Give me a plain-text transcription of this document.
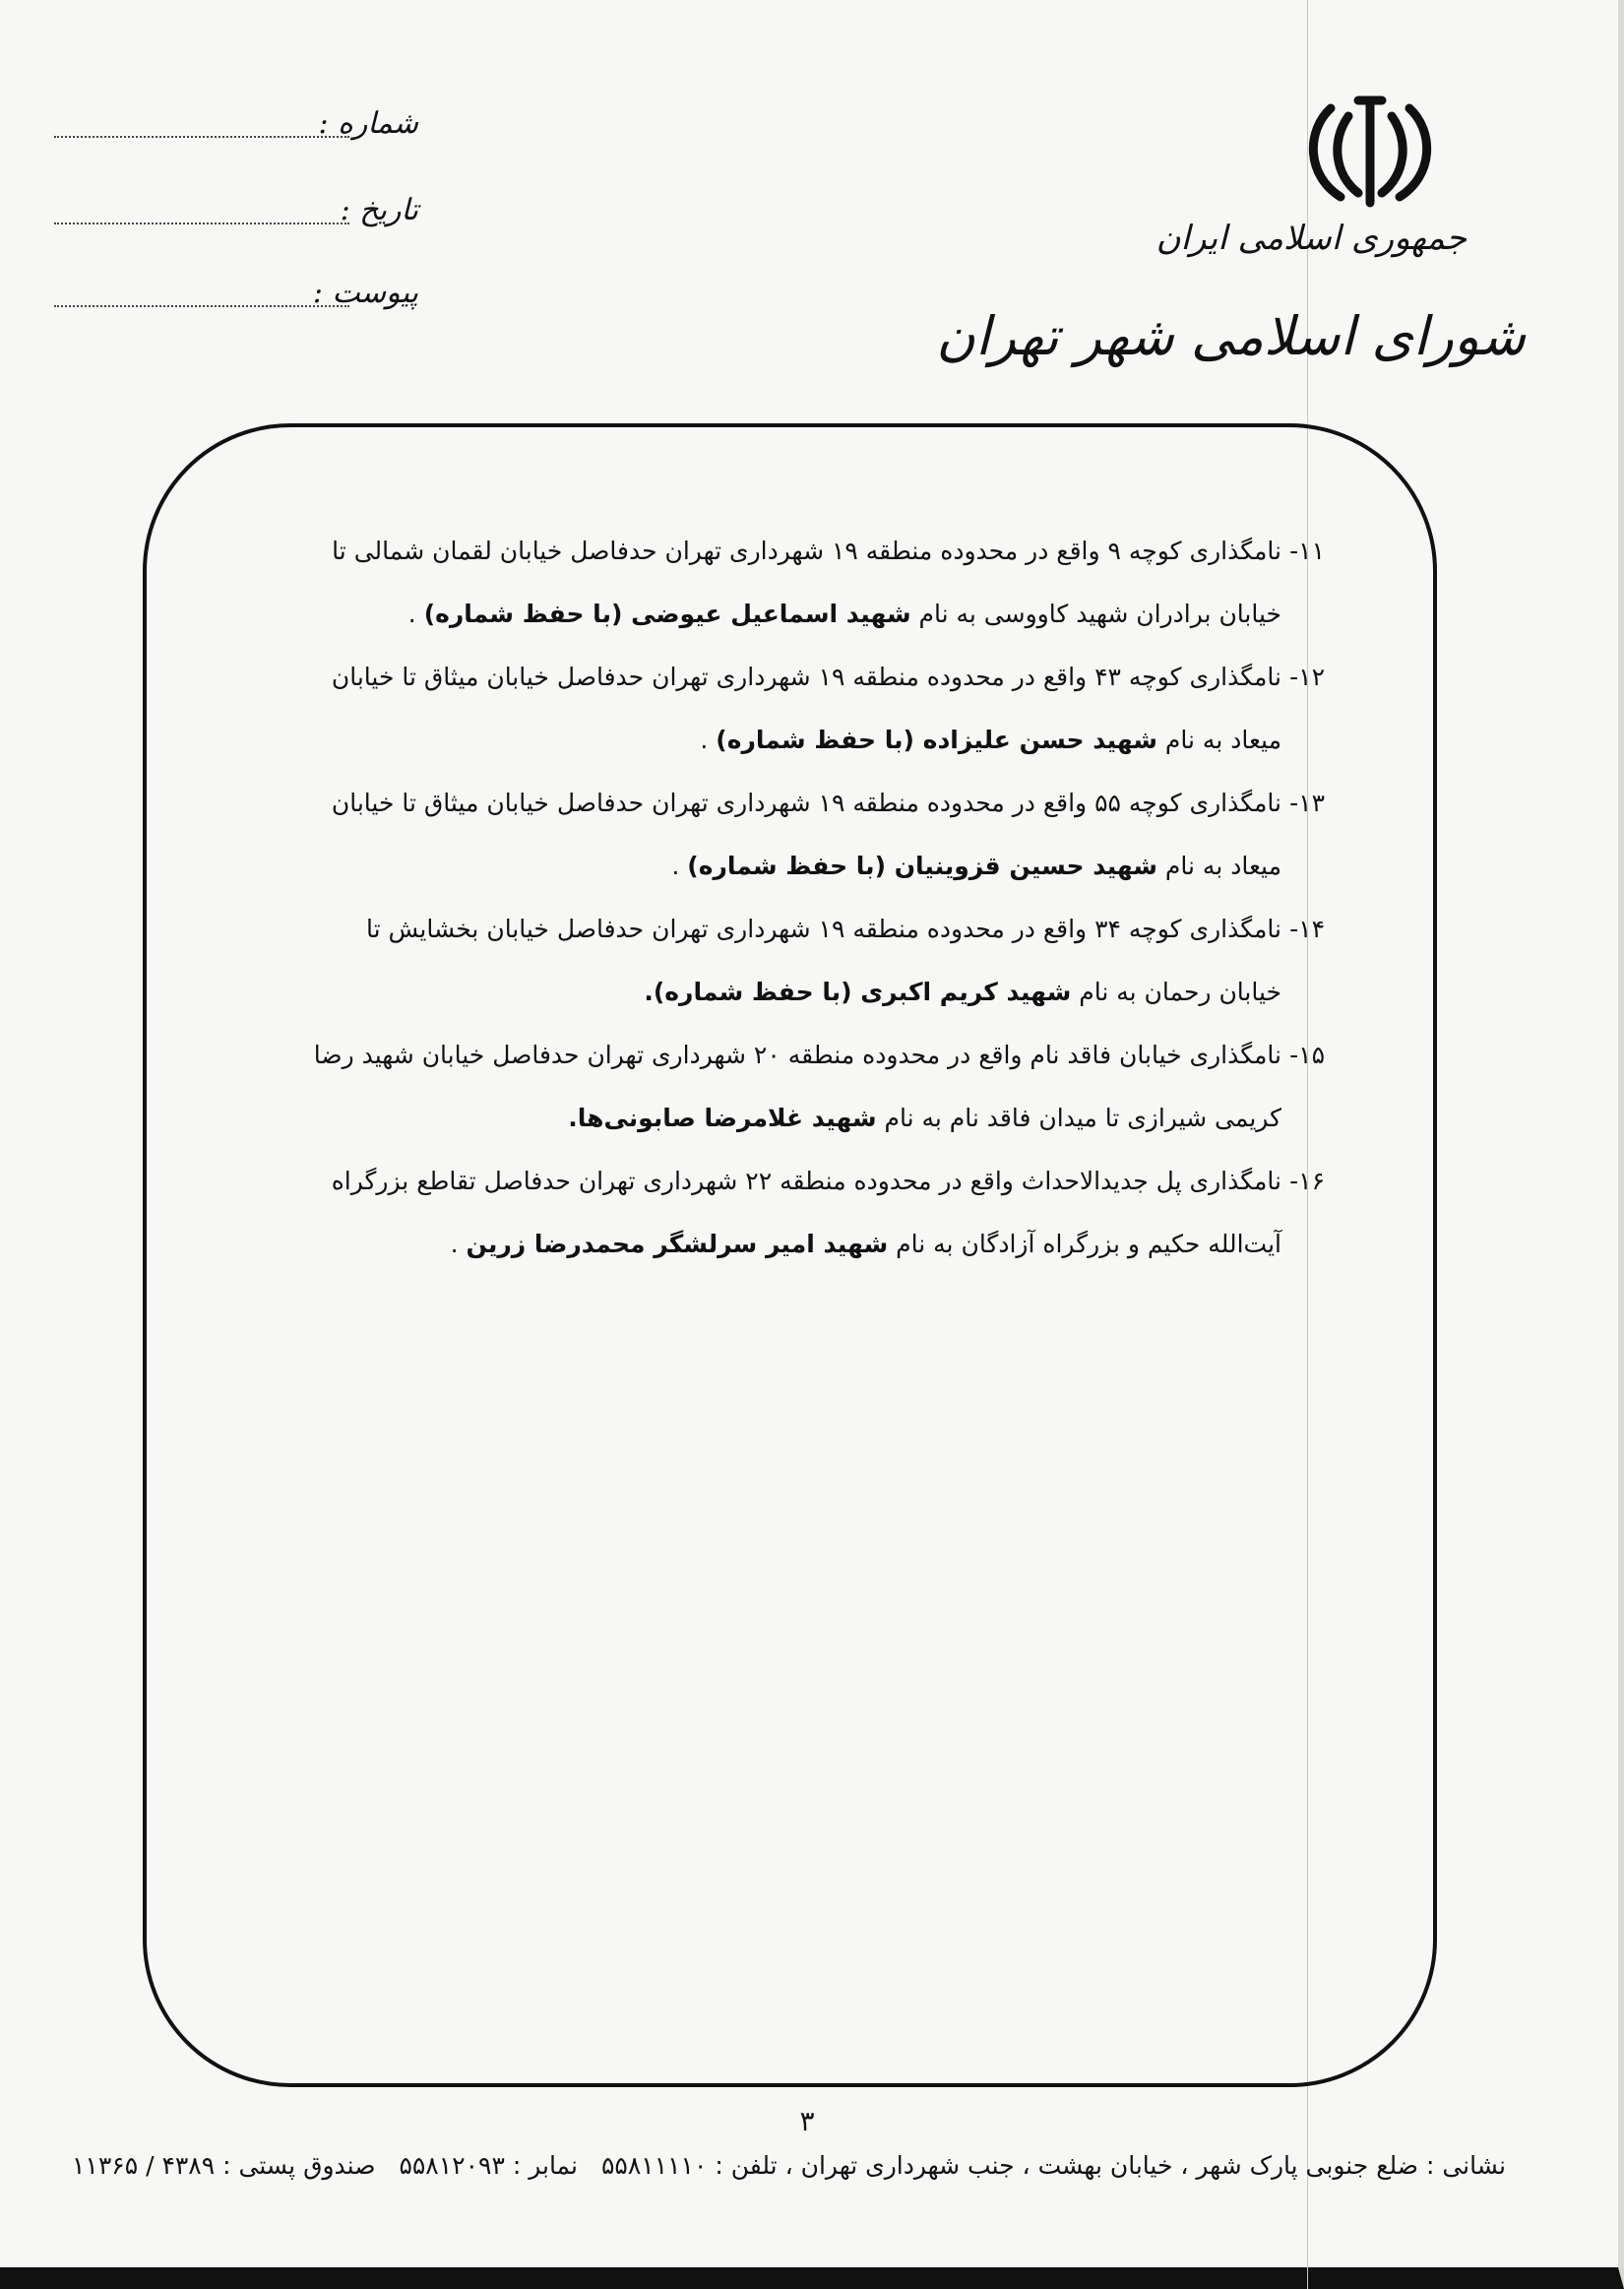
جمهوری اسلامی ایران
شورای اسلامی شهر تهران
شماره :
تاریخ :
پیوست :
۱۱-نامگذاری کوچه ۹ واقع در محدوده منطقه ۱۹ شهرداری تهران حدفاصل خیابان لقمان شمالی تا
خیابان برادران شهید کاووسی به نام شهید اسماعیل عیوضی (با حفظ شماره) .
۱۲-نامگذاری کوچه ۴۳ واقع در محدوده منطقه ۱۹ شهرداری تهران حدفاصل خیابان میثاق تا خیابان
میعاد به نام شهید حسن علیزاده (با حفظ شماره) .
۱۳-نامگذاری کوچه ۵۵ واقع در محدوده منطقه ۱۹ شهرداری تهران حدفاصل خیابان میثاق تا خیابان
میعاد به نام شهید حسین قزوینیان (با حفظ شماره) .
۱۴-نامگذاری کوچه ۳۴ واقع در محدوده منطقه ۱۹ شهرداری تهران حدفاصل خیابان بخشایش تا
خیابان رحمان به نام شهید کریم اکبری (با حفظ شماره).
۱۵-نامگذاری خیابان فاقد نام واقع در محدوده منطقه ۲۰ شهرداری تهران حدفاصل خیابان شهید رضا
کریمی شیرازی تا میدان فاقد نام به نام شهید غلامرضا صابونی‌ها.
۱۶-نامگذاری پل جدیدالاحداث واقع در محدوده منطقه ۲۲ شهرداری تهران حدفاصل تقاطع بزرگراه
آیت‌الله حکیم و بزرگراه آزادگان به نام شهید امیر سرلشگر محمدرضا زرین .
۳
نشانی : ضلع جنوبی پارک شهر ، خیابان بهشت ، جنب شهرداری تهران ، تلفن : ۵۵۸۱۱۱۱۰نمابر : ۵۵۸۱۲۰۹۳صندوق پستی : ۴۳۸۹ / ۱۱۳۶۵
